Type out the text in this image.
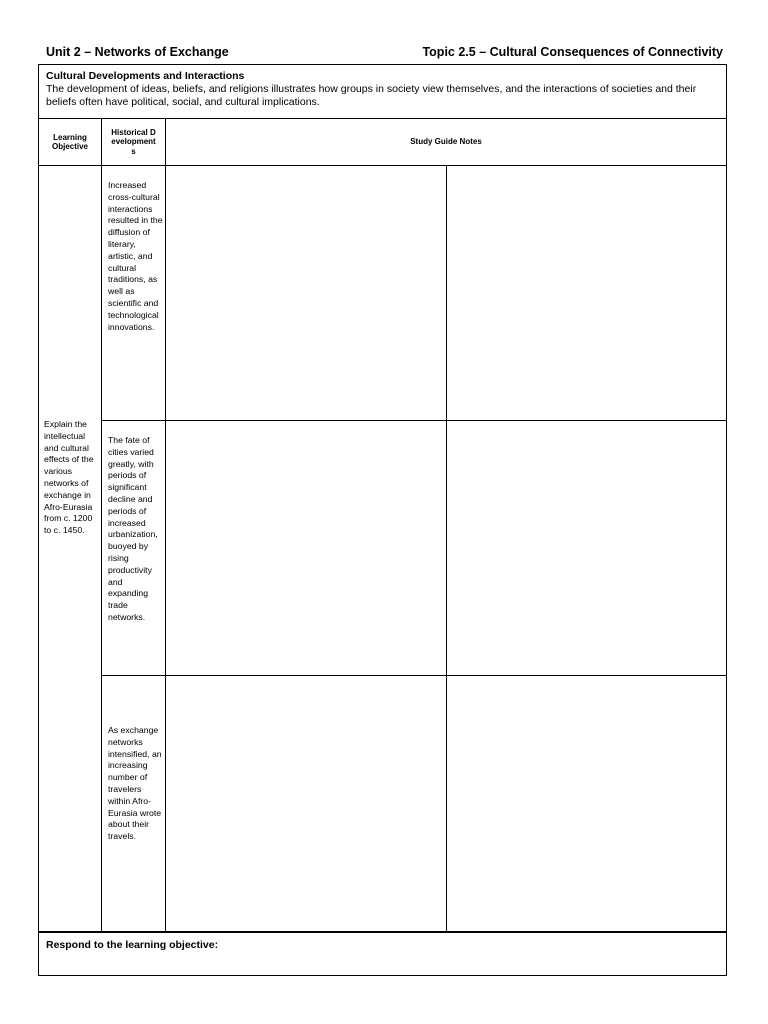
Unit 2 – Networks of Exchange	Topic 2.5 – Cultural Consequences of Connectivity
Cultural Developments and Interactions
The development of ideas, beliefs, and religions illustrates how groups in society view themselves, and the interactions of societies and their beliefs often have political, social, and cultural implications.
Learning Objective
Historical Developments
Study Guide Notes
Explain the intellectual and cultural effects of the various networks of exchange in Afro-Eurasia from c. 1200 to c. 1450.
Increased cross-cultural interactions resulted in the diffusion of literary, artistic, and cultural traditions, as well as scientific and technological innovations.
The fate of cities varied greatly, with periods of significant decline and periods of increased urbanization, buoyed by rising productivity and expanding trade networks.
As exchange networks intensified, an increasing number of travelers within Afro-Eurasia wrote about their travels.
Respond to the learning objective:
